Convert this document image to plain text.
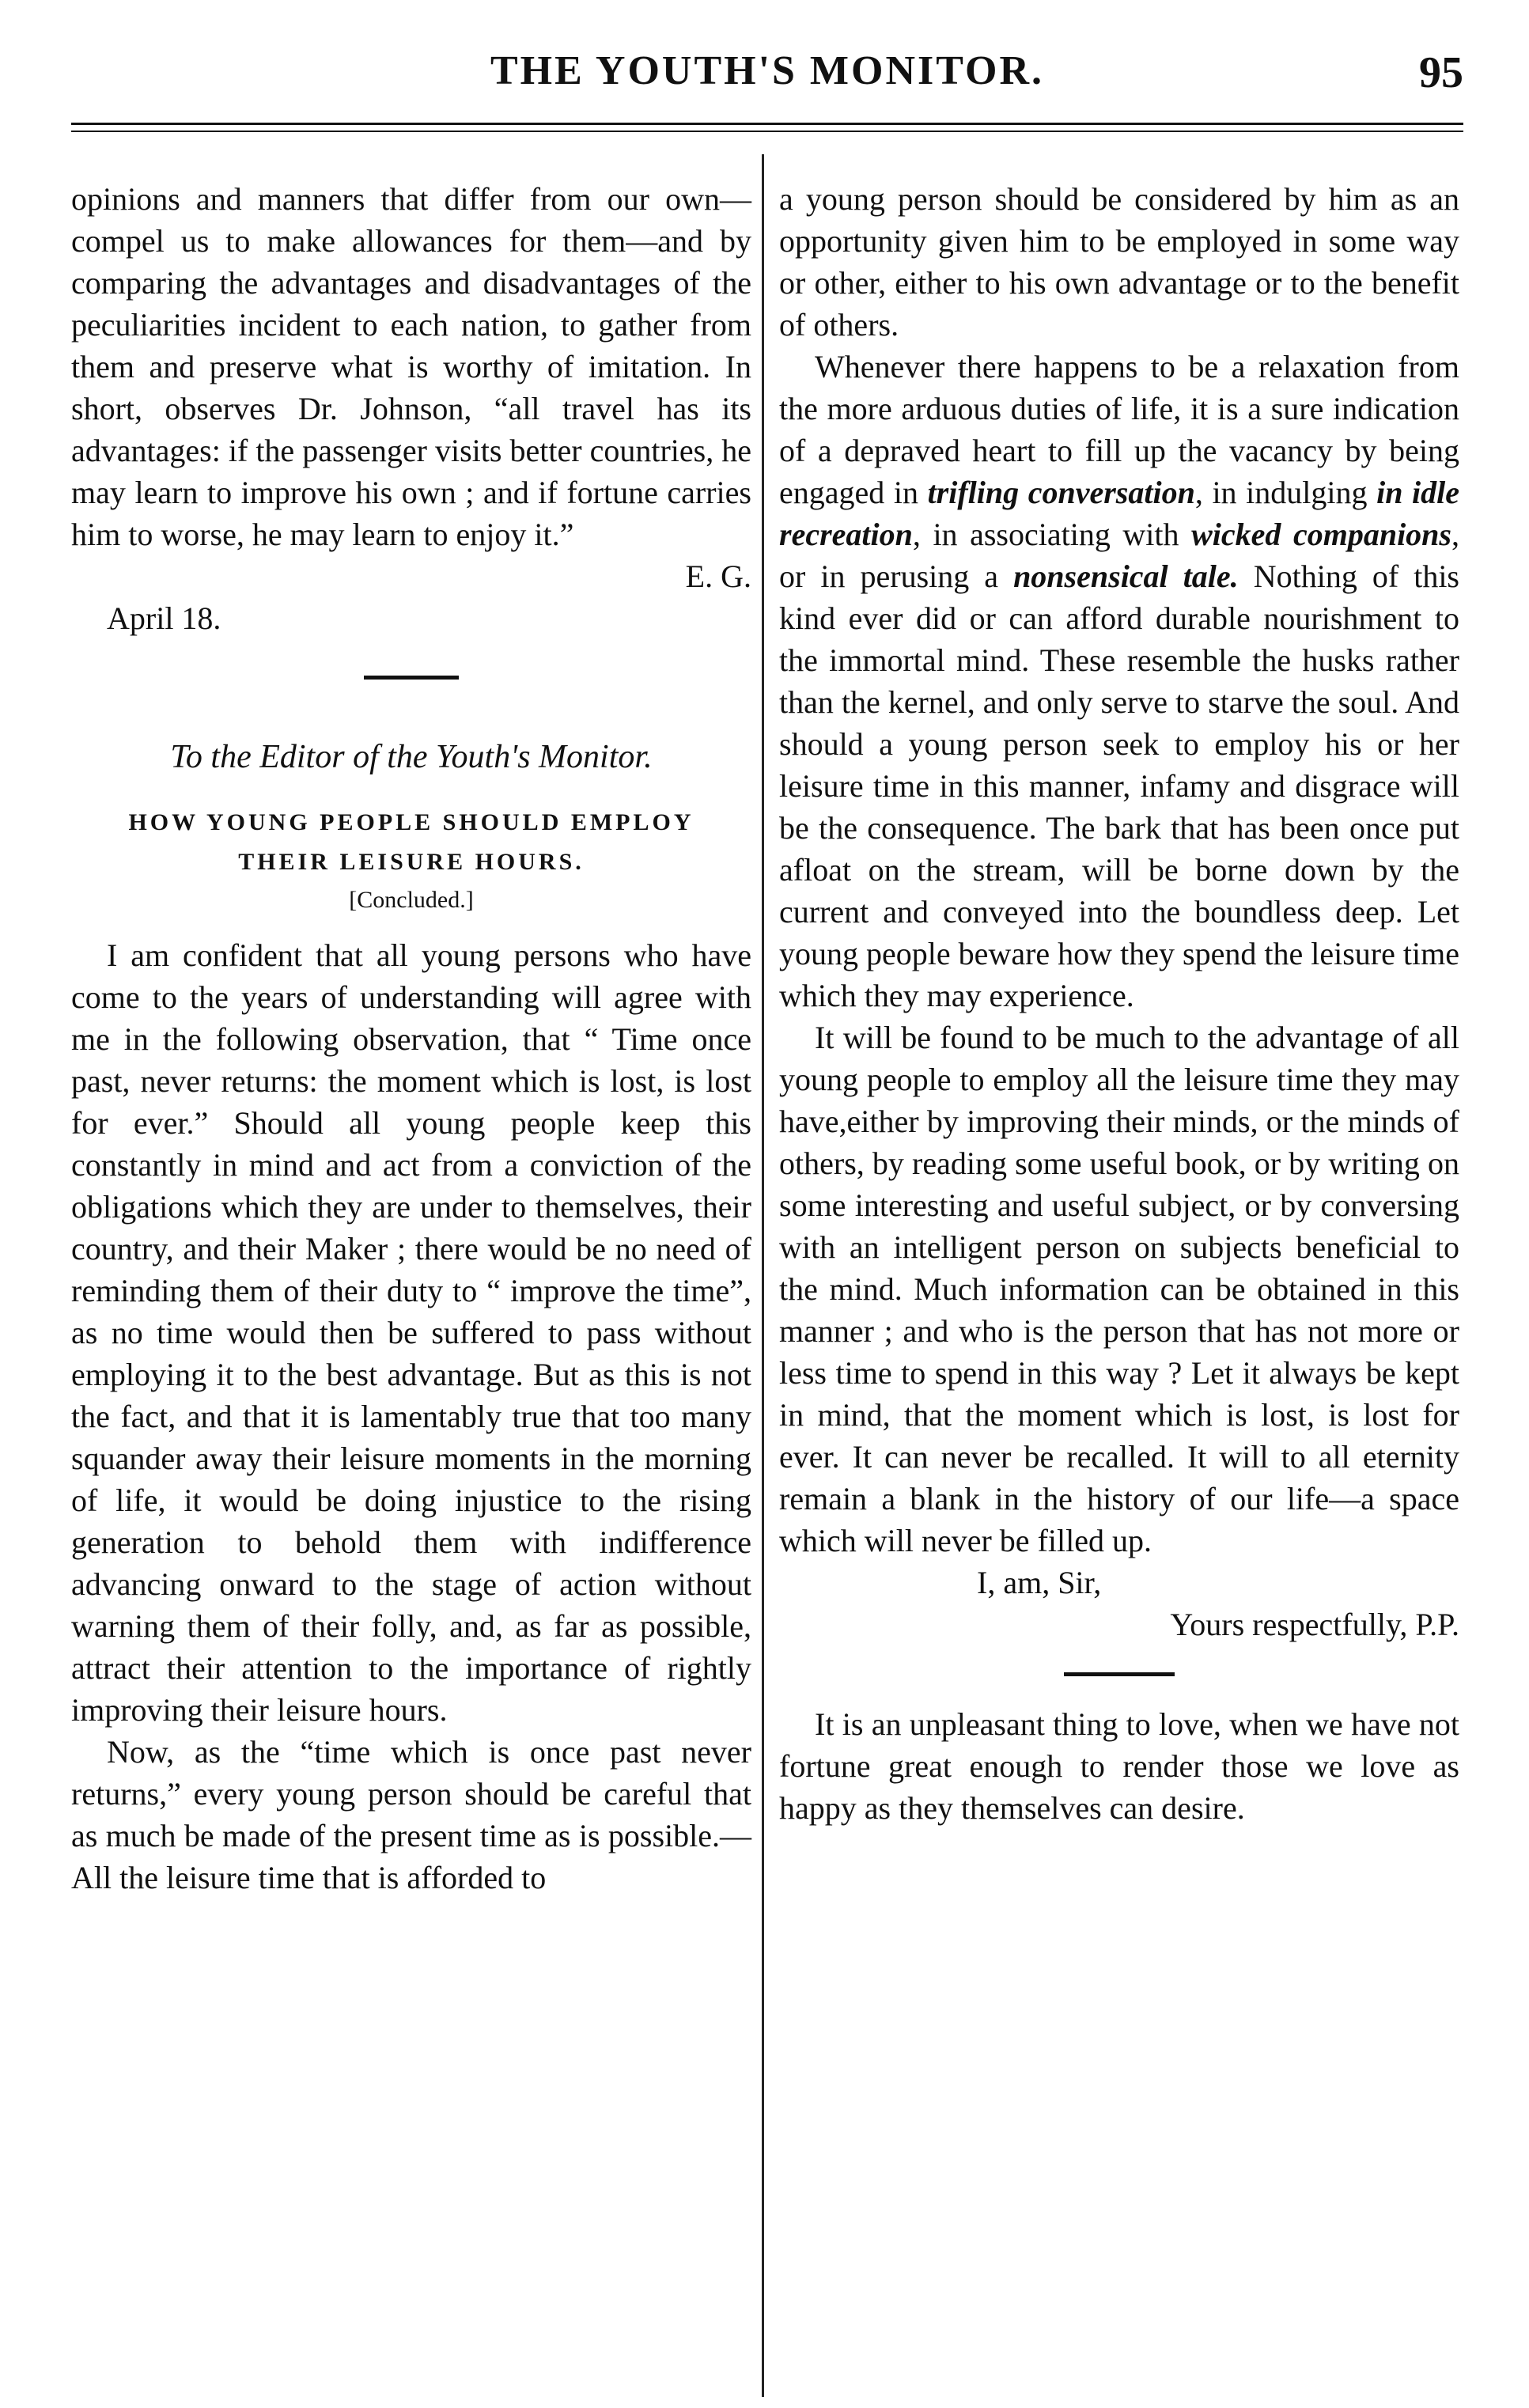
THE YOUTH'S MONITOR.	95

opinions and manners that differ from our own—compel us to make allowances for them—and by comparing the advantages and disadvantages of the peculiarities incident to each nation, to gather from them and preserve what is worthy of imitation. In short, observes Dr. Johnson, “all travel has its advantages: if the passenger visits better countries, he may learn to improve his own ; and if fortune carries him to worse, he may learn to enjoy it.”

E. G.
April 18.
To the Editor of the Youth's Monitor.
HOW YOUNG PEOPLE SHOULD EMPLOY
THEIR LEISURE HOURS.
[Concluded.]

I am confident that all young persons who have come to the years of understanding will agree with me in the following observation, that “ Time once past, never returns: the moment which is lost, is lost for ever.” Should all young people keep this constantly in mind and act from a conviction of the obligations which they are under to themselves, their country, and their Maker ; there would be no need of reminding them of their duty to “ improve the time”, as no time would then be suffered to pass without employing it to the best advantage. But as this is not the fact, and that it is lamentably true that too many squander away their leisure moments in the morning of life, it would be doing injustice to the rising generation to behold them with indifference advancing onward to the stage of action without warning them of their folly, and, as far as possible, attract their attention to the importance of rightly improving their leisure hours.

Now, as the “time which is once past never returns,” every young person should be careful that as much be made of the present time as is possible.— All the leisure time that is afforded to

a young person should be considered by him as an opportunity given him to be employed in some way or other, either to his own advantage or to the benefit of others.

Whenever there happens to be a relaxation from the more arduous duties of life, it is a sure indication of a depraved heart to fill up the vacancy by being engaged in trifling conversation, in indulging in idle recreation, in associating with wicked companions, or in perusing a nonsensical tale. Nothing of this kind ever did or can afford durable nourishment to the immortal mind. These resemble the husks rather than the kernel, and only serve to starve the soul. And should a young person seek to employ his or her leisure time in this manner, infamy and disgrace will be the consequence. The bark that has been once put afloat on the stream, will be borne down by the current and conveyed into the boundless deep. Let young people beware how they spend the leisure time which they may experience.

It will be found to be much to the advantage of all young people to employ all the leisure time they may have,either by improving their minds, or the minds of others, by reading some useful book, or by writing on some interesting and useful subject, or by conversing with an intelligent person on subjects beneficial to the mind. Much information can be obtained in this manner ; and who is the person that has not more or less time to spend in this way ? Let it always be kept in mind, that the moment which is lost, is lost for ever. It can never be recalled. It will to all eternity remain a blank in the history of our life—a space which will never be filled up.

I, am, Sir,
Yours respectfully, P.P.

It is an unpleasant thing to love, when we have not fortune great enough to render those we love as happy as they themselves can desire.
